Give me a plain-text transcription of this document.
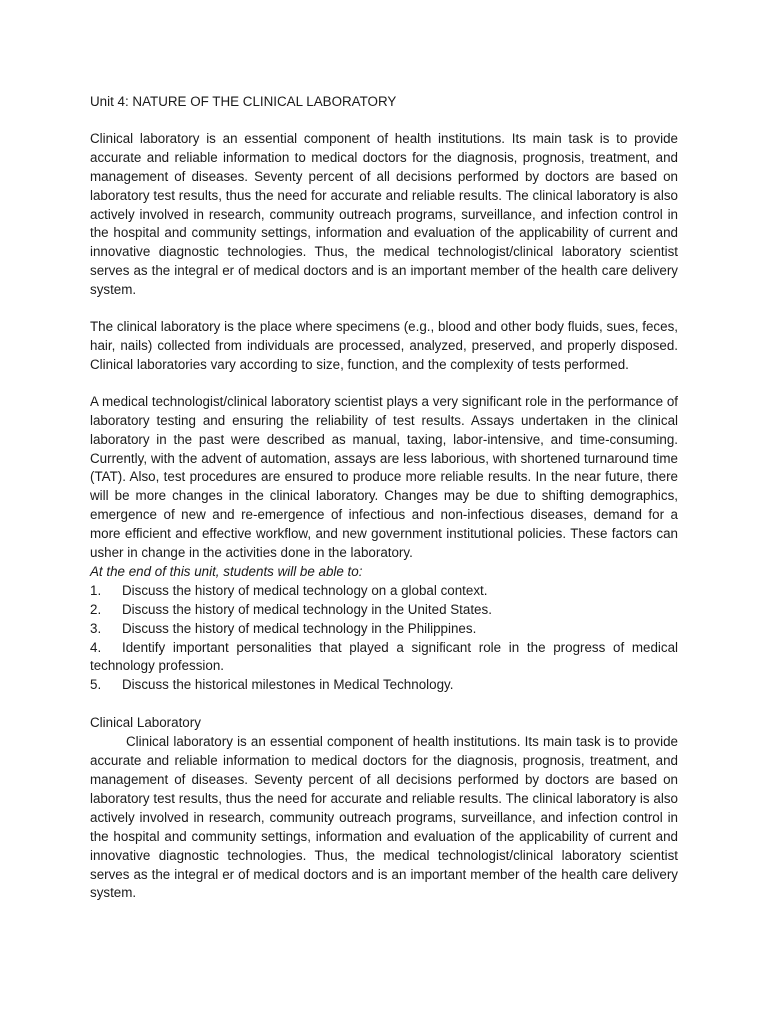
Unit 4: NATURE OF THE CLINICAL LABORATORY

Clinical laboratory is an essential component of health institutions. Its main task is to provide accurate and reliable information to medical doctors for the diagnosis, prognosis, treatment, and management of diseases. Seventy percent of all decisions performed by doctors are based on laboratory test results, thus the need for accurate and reliable results. The clinical laboratory is also actively involved in research, community outreach programs, surveillance, and infection control in the hospital and community settings, information and evaluation of the applicability of current and innovative diagnostic technologies. Thus, the medical technologist/clinical laboratory scientist serves as the integral er of medical doctors and is an important member of the health care delivery system.

The clinical laboratory is the place where specimens (e.g., blood and other body fluids, sues, feces, hair, nails) collected from individuals are processed, analyzed, preserved, and properly disposed. Clinical laboratories vary according to size, function, and the complexity of tests performed.

A medical technologist/clinical laboratory scientist plays a very significant role in the performance of laboratory testing and ensuring the reliability of test results. Assays undertaken in the clinical laboratory in the past were described as manual, taxing, labor-intensive, and time-consuming. Currently, with the advent of automation, assays are less laborious, with shortened turnaround time (TAT). Also, test procedures are ensured to produce more reliable results. In the near future, there will be more changes in the clinical laboratory. Changes may be due to shifting demographics, emergence of new and re-emergence of infectious and non-infectious diseases, demand for a more efficient and effective workflow, and new government institutional policies. These factors can usher in change in the activities done in the laboratory.

At the end of this unit, students will be able to:
1. Discuss the history of medical technology on a global context.
2. Discuss the history of medical technology in the United States.
3. Discuss the history of medical technology in the Philippines.
4. Identify important personalities that played a significant role in the progress of medical technology profession.
5. Discuss the historical milestones in Medical Technology.
Clinical Laboratory

Clinical laboratory is an essential component of health institutions. Its main task is to provide accurate and reliable information to medical doctors for the diagnosis, prognosis, treatment, and management of diseases. Seventy percent of all decisions performed by doctors are based on laboratory test results, thus the need for accurate and reliable results. The clinical laboratory is also actively involved in research, community outreach programs, surveillance, and infection control in the hospital and community settings, information and evaluation of the applicability of current and innovative diagnostic technologies. Thus, the medical technologist/clinical laboratory scientist serves as the integral er of medical doctors and is an important member of the health care delivery system.
